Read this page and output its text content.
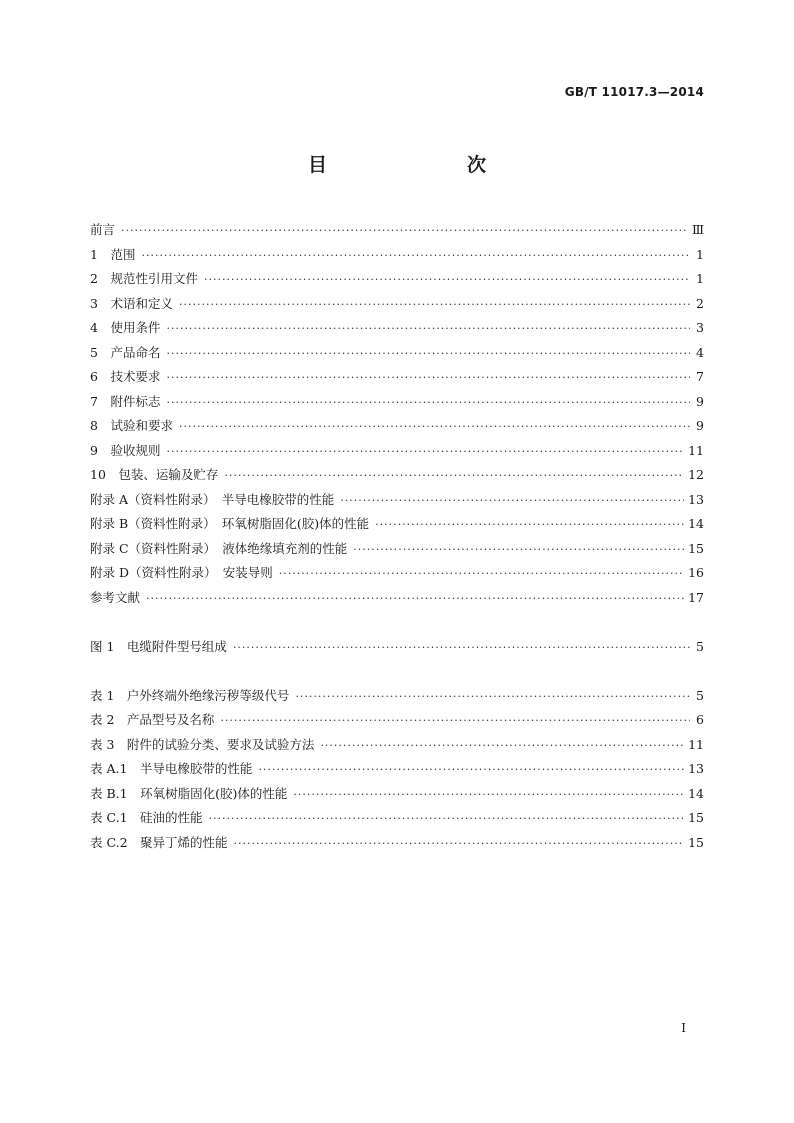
GB/T 11017.3—2014
目　　次
前言 ·····	Ⅲ
1　范围 ·····	1
2　规范性引用文件 ·····	1
3　术语和定义 ·····	2
4　使用条件 ·····	3
5　产品命名 ·····	4
6　技术要求 ·····	7
7　附件标志 ·····	9
8　试验和要求 ·····	9
9　验收规则 ·····	11
10　包装、运输及贮存 ·····	12
附录 A（资料性附录）　半导电橡胶带的性能 ·····	13
附录 B（资料性附录）　环氧树脂固化(胶)体的性能 ·····	14
附录 C（资料性附录）　液体绝缘填充剂的性能 ·····	15
附录 D（资料性附录）　安装导则 ·····	16
参考文献 ·····	17
图 1　电缆附件型号组成 ·····	5
表 1　户外终端外绝缘污秽等级代号 ·····	5
表 2　产品型号及名称 ·····	6
表 3　附件的试验分类、要求及试验方法 ·····	11
表 A.1　半导电橡胶带的性能 ·····	13
表 B.1　环氧树脂固化(胶)体的性能 ·····	14
表 C.1　硅油的性能 ·····	15
表 C.2　聚异丁烯的性能 ·····	15
I
